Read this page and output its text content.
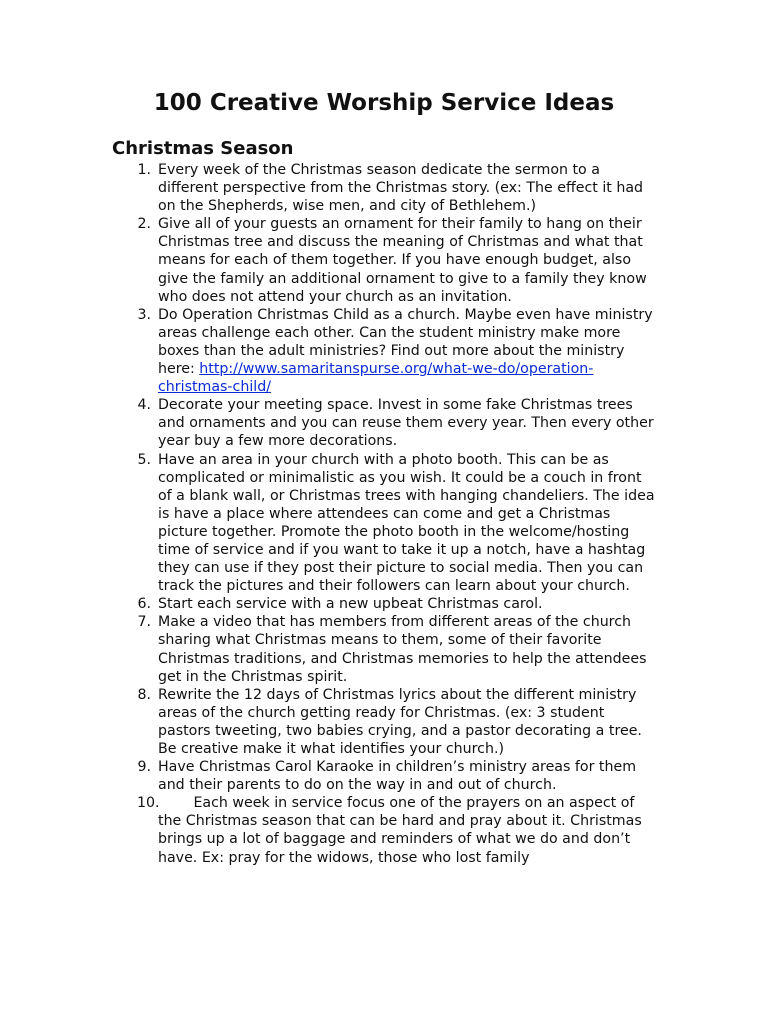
100 Creative Worship Service Ideas
Christmas Season
1. Every week of the Christmas season dedicate the sermon to a different perspective from the Christmas story. (ex: The effect it had on the Shepherds, wise men, and city of Bethlehem.)
2. Give all of your guests an ornament for their family to hang on their Christmas tree and discuss the meaning of Christmas and what that means for each of them together. If you have enough budget, also give the family an additional ornament to give to a family they know who does not attend your church as an invitation.
3. Do Operation Christmas Child as a church. Maybe even have ministry areas challenge each other. Can the student ministry make more boxes than the adult ministries? Find out more about the ministry here: http://www.samaritanspurse.org/what-we-do/operation-christmas-child/
4. Decorate your meeting space. Invest in some fake Christmas trees and ornaments and you can reuse them every year. Then every other year buy a few more decorations.
5. Have an area in your church with a photo booth. This can be as complicated or minimalistic as you wish. It could be a couch in front of a blank wall, or Christmas trees with hanging chandeliers. The idea is have a place where attendees can come and get a Christmas picture together. Promote the photo booth in the welcome/hosting time of service and if you want to take it up a notch, have a hashtag they can use if they post their picture to social media. Then you can track the pictures and their followers can learn about your church.
6. Start each service with a new upbeat Christmas carol.
7. Make a video that has members from different areas of the church sharing what Christmas means to them, some of their favorite Christmas traditions, and Christmas memories to help the attendees get in the Christmas spirit.
8. Rewrite the 12 days of Christmas lyrics about the different ministry areas of the church getting ready for Christmas. (ex: 3 student pastors tweeting, two babies crying, and a pastor decorating a tree. Be creative make it what identifies your church.)
9. Have Christmas Carol Karaoke in children’s ministry areas for them and their parents to do on the way in and out of church.
10.
    Each week in service focus one of the prayers on an aspect of the Christmas season that can be hard and pray about it. Christmas brings up a lot of baggage and reminders of what we do and don’t have. Ex: pray for the widows, those who lost family
